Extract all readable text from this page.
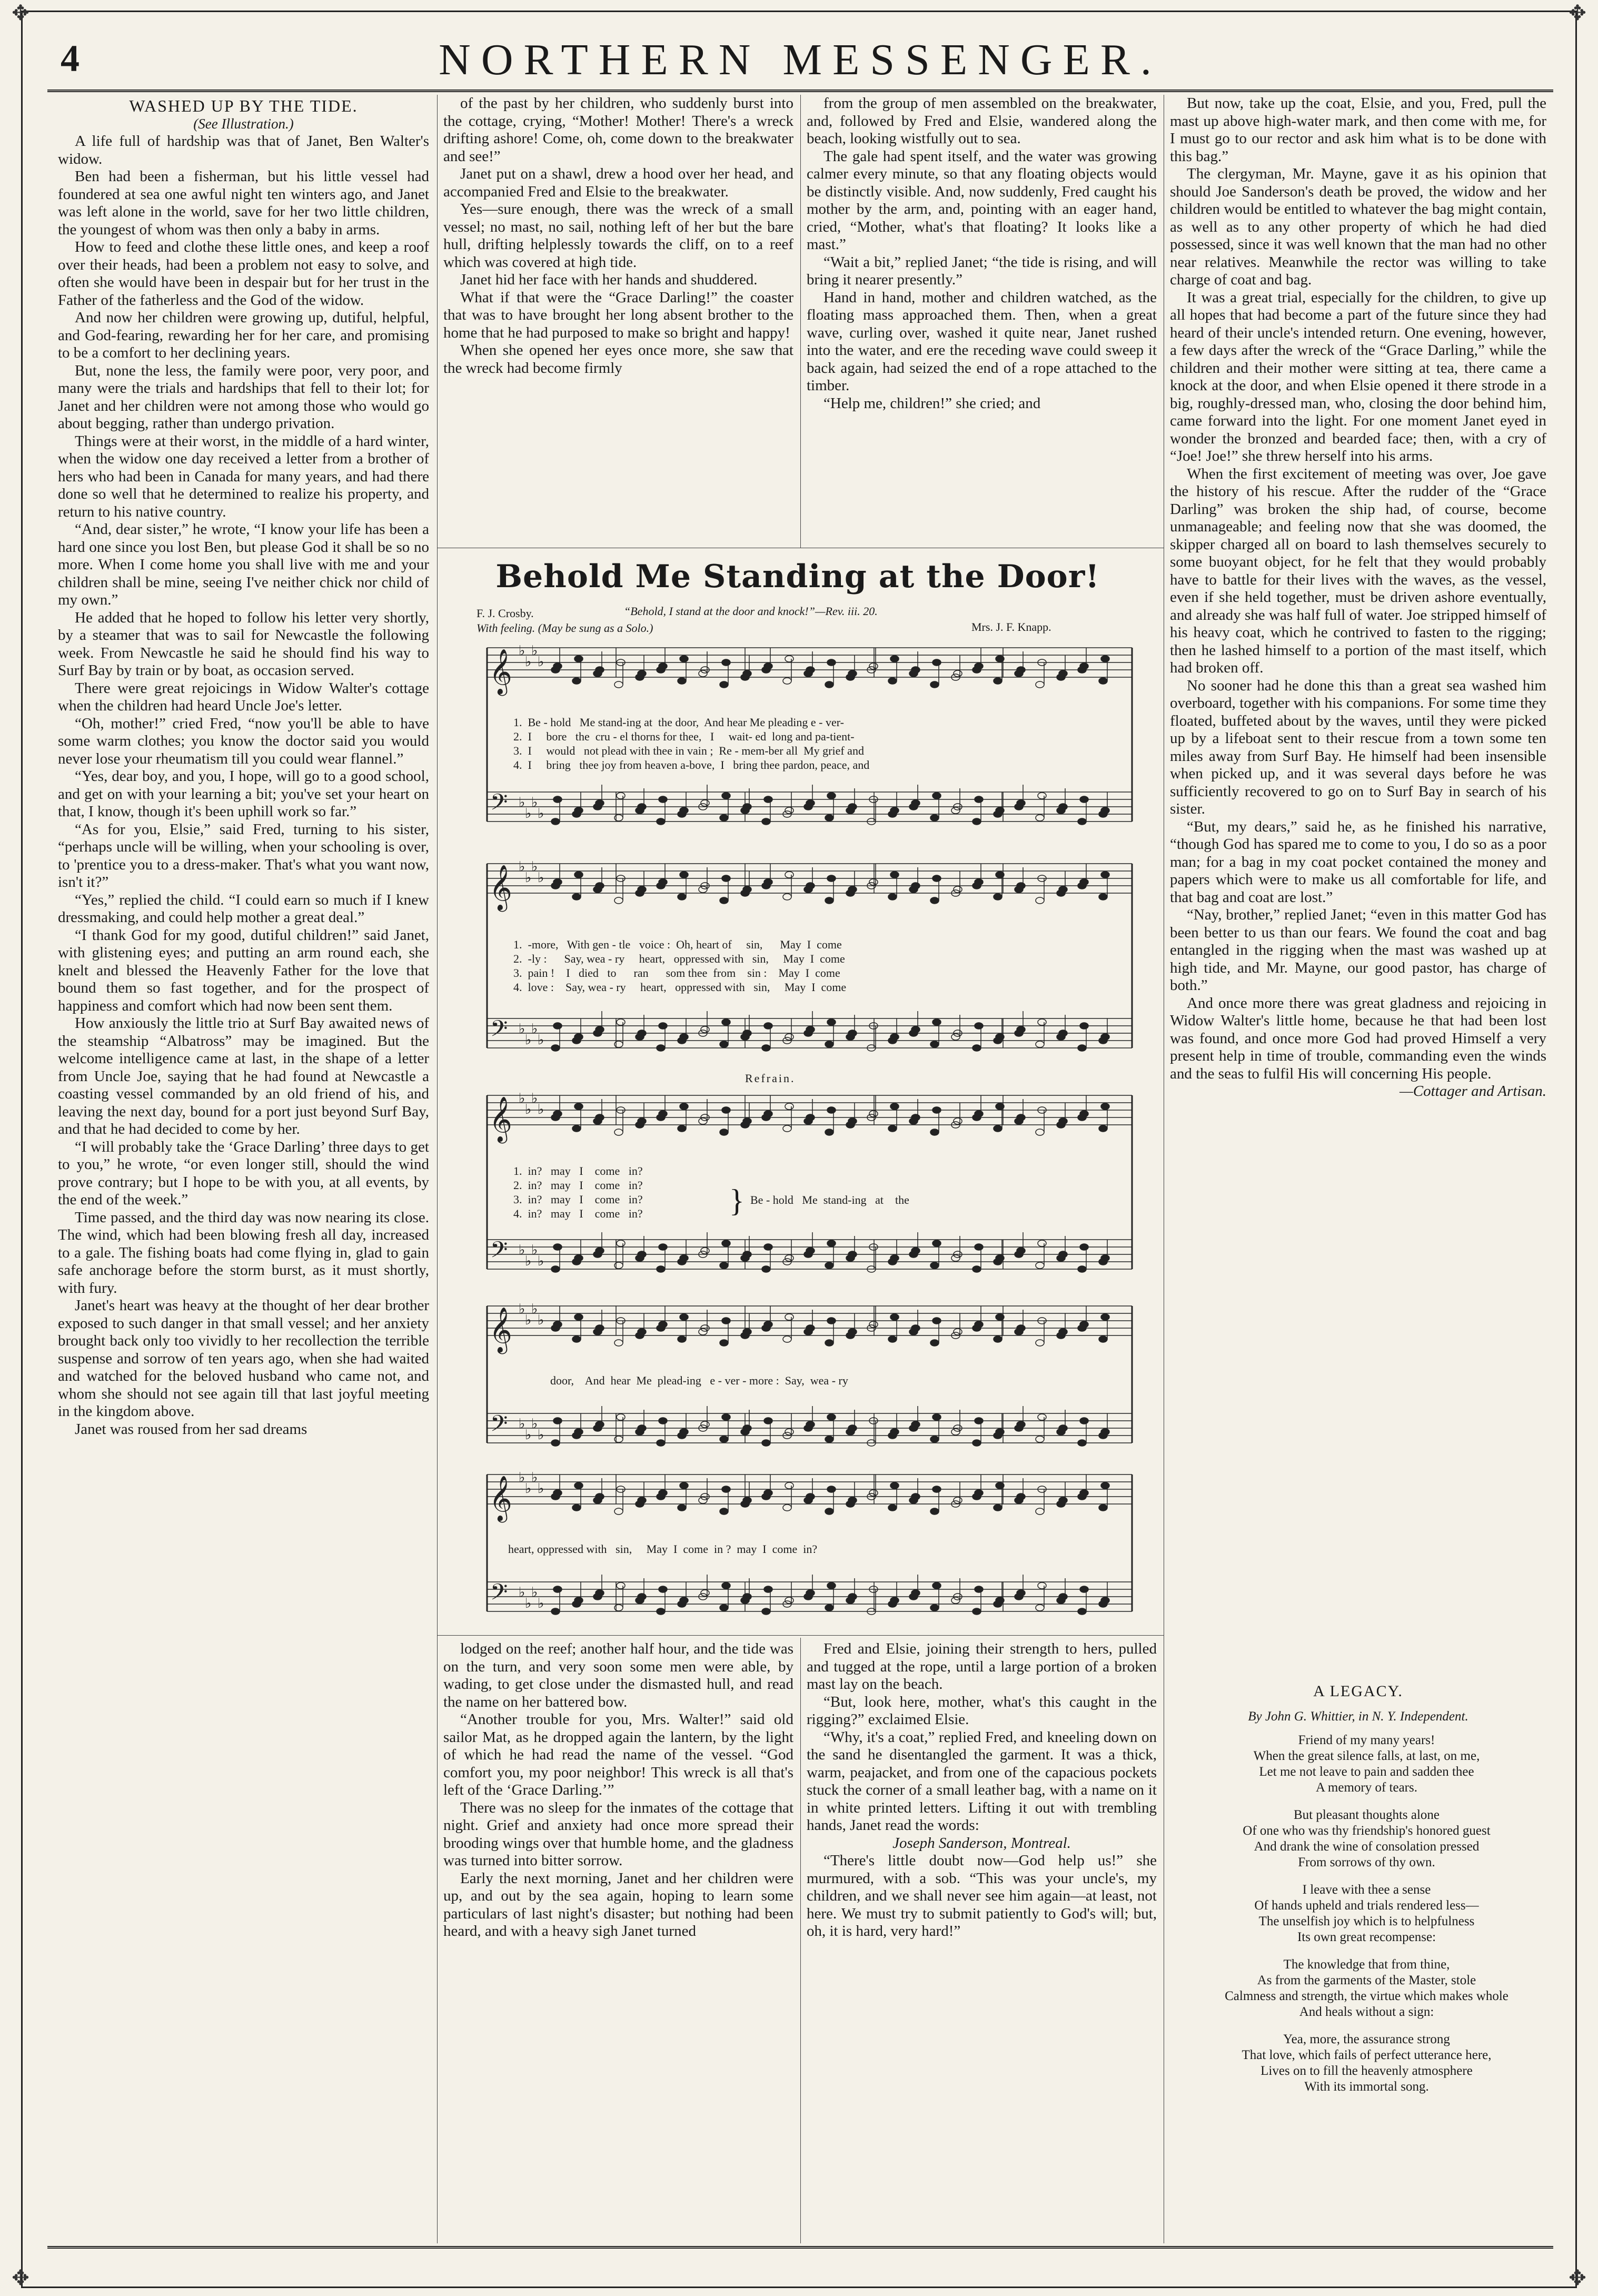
✥	✥
✥	✥
4	NORTHERN MESSENGER.

WASHED UP BY THE TIDE.

(See Illustration.)

A life full of hardship was that of Janet, Ben Walter's widow.

Ben had been a fisherman, but his little vessel had foundered at sea one awful night ten winters ago, and Janet was left alone in the world, save for her two little children, the youngest of whom was then only a baby in arms.

How to feed and clothe these little ones, and keep a roof over their heads, had been a problem not easy to solve, and often she would have been in despair but for her trust in the Father of the fatherless and the God of the widow.

And now her children were growing up, dutiful, helpful, and God-fearing, rewarding her for her care, and promising to be a comfort to her declining years.

But, none the less, the family were poor, very poor, and many were the trials and hardships that fell to their lot; for Janet and her children were not among those who would go about begging, rather than undergo privation.

Things were at their worst, in the middle of a hard winter, when the widow one day received a letter from a brother of hers who had been in Canada for many years, and had there done so well that he determined to realize his property, and return to his native country.

“And, dear sister,” he wrote, “I know your life has been a hard one since you lost Ben, but please God it shall be so no more. When I come home you shall live with me and your children shall be mine, seeing I've neither chick nor child of my own.”

He added that he hoped to follow his letter very shortly, by a steamer that was to sail for Newcastle the following week. From Newcastle he said he should find his way to Surf Bay by train or by boat, as occasion served.

There were great rejoicings in Widow Walter's cottage when the children had heard Uncle Joe's letter.

“Oh, mother!” cried Fred, “now you'll be able to have some warm clothes; you know the doctor said you would never lose your rheumatism till you could wear flannel.”

“Yes, dear boy, and you, I hope, will go to a good school, and get on with your learning a bit; you've set your heart on that, I know, though it's been uphill work so far.”

“As for you, Elsie,” said Fred, turning to his sister, “perhaps uncle will be willing, when your schooling is over, to 'prentice you to a dress-maker. That's what you want now, isn't it?”

“Yes,” replied the child. “I could earn so much if I knew dressmaking, and could help mother a great deal.”

“I thank God for my good, dutiful children!” said Janet, with glistening eyes; and putting an arm round each, she knelt and blessed the Heavenly Father for the love that bound them so fast together, and for the prospect of happiness and comfort which had now been sent them.

How anxiously the little trio at Surf Bay awaited news of the steamship “Albatross” may be imagined. But the welcome intelligence came at last, in the shape of a letter from Uncle Joe, saying that he had found at Newcastle a coasting vessel commanded by an old friend of his, and leaving the next day, bound for a port just beyond Surf Bay, and that he had decided to come by her.

“I will probably take the ‘Grace Darling’ three days to get to you,” he wrote, “or even longer still, should the wind prove contrary; but I hope to be with you, at all events, by the end of the week.”

Time passed, and the third day was now nearing its close. The wind, which had been blowing fresh all day, increased to a gale. The fishing boats had come flying in, glad to gain safe anchorage before the storm burst, as it must shortly, with fury.

Janet's heart was heavy at the thought of her dear brother exposed to such danger in that small vessel; and her anxiety brought back only too vividly to her recollection the terrible suspense and sorrow of ten years ago, when she had waited and watched for the beloved husband who came not, and whom she should not see again till that last joyful meeting in the kingdom above.

Janet was roused from her sad dreams

of the past by her children, who suddenly burst into the cottage, crying, “Mother! Mother! There's a wreck drifting ashore! Come, oh, come down to the breakwater and see!”

Janet put on a shawl, drew a hood over her head, and accompanied Fred and Elsie to the breakwater.

Yes—sure enough, there was the wreck of a small vessel; no mast, no sail, nothing left of her but the bare hull, drifting helplessly towards the cliff, on to a reef which was covered at high tide.

Janet hid her face with her hands and shuddered.

What if that were the “Grace Darling!” the coaster that was to have brought her long absent brother to the home that he had purposed to make so bright and happy!

When she opened her eyes once more, she saw that the wreck had become firmly

from the group of men assembled on the breakwater, and, followed by Fred and Elsie, wandered along the beach, looking wistfully out to sea.

The gale had spent itself, and the water was growing calmer every minute, so that any floating objects would be distinctly visible. And, now suddenly, Fred caught his mother by the arm, and, pointing with an eager hand, cried, “Mother, what's that floating? It looks like a mast.”

“Wait a bit,” replied Janet; “the tide is rising, and will bring it nearer presently.”

Hand in hand, mother and children watched, as the floating mass approached them. Then, when a great wave, curling over, washed it quite near, Janet rushed into the water, and ere the receding wave could sweep it back again, had seized the end of a rope attached to the timber.

“Help me, children!” she cried; and

But now, take up the coat, Elsie, and you, Fred, pull the mast up above high-water mark, and then come with me, for I must go to our rector and ask him what is to be done with this bag.”

The clergyman, Mr. Mayne, gave it as his opinion that should Joe Sanderson's death be proved, the widow and her children would be entitled to whatever the bag might contain, as well as to any other property of which he had died possessed, since it was well known that the man had no other near relatives. Meanwhile the rector was willing to take charge of coat and bag.

It was a great trial, especially for the children, to give up all hopes that had become a part of the future since they had heard of their uncle's intended return. One evening, however, a few days after the wreck of the “Grace Darling,” while the children and their mother were sitting at tea, there came a knock at the door, and when Elsie opened it there strode in a big, roughly-dressed man, who, closing the door behind him, came forward into the light. For one moment Janet eyed in wonder the bronzed and bearded face; then, with a cry of “Joe! Joe!” she threw herself into his arms.

When the first excitement of meeting was over, Joe gave the history of his rescue. After the rudder of the “Grace Darling” was broken the ship had, of course, become unmanageable; and feeling now that she was doomed, the skipper charged all on board to lash themselves securely to some buoyant object, for he felt that they would probably have to battle for their lives with the waves, as the vessel, even if she held together, must be driven ashore eventually, and already she was half full of water. Joe stripped himself of his heavy coat, which he contrived to fasten to the rigging; then he lashed himself to a portion of the mast itself, which had broken off.

No sooner had he done this than a great sea washed him overboard, together with his companions. For some time they floated, buffeted about by the waves, until they were picked up by a lifeboat sent to their rescue from a town some ten miles away from Surf Bay. He himself had been insensible when picked up, and it was several days before he was sufficiently recovered to go on to Surf Bay in search of his sister.

“But, my dears,” said he, as he finished his narrative, “though God has spared me to come to you, I do so as a poor man; for a bag in my coat pocket contained the money and papers which were to make us all comfortable for life, and that bag and coat are lost.”

“Nay, brother,” replied Janet; “even in this matter God has been better to us than our fears. We found the coat and bag entangled in the rigging when the mast was washed up at high tide, and Mr. Mayne, our good pastor, has charge of both.”

And once more there was great gladness and rejoicing in Widow Walter's little home, because he that had been lost was found, and once more God had proved Himself a very present help in time of trouble, commanding even the winds and the seas to fulfil His will concerning His people.

—Cottager and Artisan.

lodged on the reef; another half hour, and the tide was on the turn, and very soon some men were able, by wading, to get close under the dismasted hull, and read the name on her battered bow.

“Another trouble for you, Mrs. Walter!” said old sailor Mat, as he dropped again the lantern, by the light of which he had read the name of the vessel. “God comfort you, my poor neighbor! This wreck is all that's left of the ‘Grace Darling.’”

There was no sleep for the inmates of the cottage that night. Grief and anxiety had once more spread their brooding wings over that humble home, and the gladness was turned into bitter sorrow.

Early the next morning, Janet and her children were up, and out by the sea again, hoping to learn some particulars of last night's disaster; but nothing had been heard, and with a heavy sigh Janet turned

Fred and Elsie, joining their strength to hers, pulled and tugged at the rope, until a large portion of a broken mast lay on the beach.

“But, look here, mother, what's this caught in the rigging?” exclaimed Elsie.

“Why, it's a coat,” replied Fred, and kneeling down on the sand he disentangled the garment. It was a thick, warm, peajacket, and from one of the capacious pockets stuck the corner of a small leather bag, with a name on it in white printed letters. Lifting it out with trembling hands, Janet read the words:

Joseph Sanderson, Montreal.

“There's little doubt now—God help us!” she murmured, with a sob. “This was your uncle's, my children, and we shall never see him again—at least, not here. We must try to submit patiently to God's will; but, oh, it is hard, very hard!”

A LEGACY.

By John G. Whittier, in N. Y. Independent.

Friend of my many years!

When the great silence falls, at last, on me,

Let me not leave to pain and sadden thee

A memory of tears.

But pleasant thoughts alone

Of one who was thy friendship's honored guest

And drank the wine of consolation pressed

From sorrows of thy own.

I leave with thee a sense

Of hands upheld and trials rendered less—

The unselfish joy which is to helpfulness

Its own great recompense:

The knowledge that from thine,

As from the garments of the Master, stole

Calmness and strength, the virtue which makes whole

And heals without a sign:

Yea, more, the assurance strong

That love, which fails of perfect utterance here,

Lives on to fill the heavenly atmosphere

With its immortal song.

Behold Me Standing at the Door!
F. J. Crosby.	“Behold, I stand at the door and knock!”—Rev. iii. 20.
Mrs. J. F. Knapp.
With feeling. (May be sung as a Solo.)
𝄞
𝄢
♭
♭
♭
♭
♭
♭
♭
♭
1.  Be - hold   Me stand-ing at  the door,  And hear Me pleading e - ver-
2.  I     bore   the  cru - el thorns for thee,   I     wait- ed  long and pa-tient-
3.  I     would   not plead with thee in vain ;  Re - mem-ber all  My grief and
4.  I     bring   thee joy from heaven a-bove,  I   bring thee pardon, peace, and
𝄞
𝄢
♭
♭
♭
♭
♭
♭
♭
♭
1.  -more,   With gen - tle   voice :  Oh, heart of     sin,      May  I  come
2.  -ly :      Say, wea - ry     heart,   oppressed with   sin,     May  I  come
3.  pain !    I   died   to      ran      som thee  from    sin :    May  I  come
4.  love :    Say, wea - ry     heart,   oppressed with   sin,     May  I  come
Refrain.
𝄞
𝄢
♭
♭
♭
♭
♭
♭
♭
♭
1.  in?   may   I    come   in?
2.  in?   may   I    come   in?
3.  in?   may   I    come   in?
4.  in?   may   I    come   in?	} Be - hold   Me  stand-ing   at    the
𝄞
𝄢
♭
♭
♭
♭
♭
♭
♭
♭
door,    And  hear  Me  plead-ing   e - ver - more :  Say,  wea - ry
𝄞
𝄢
♭
♭
♭
♭
♭
♭
♭
♭
heart, oppressed with   sin,     May  I  come  in ?  may  I  come  in?
